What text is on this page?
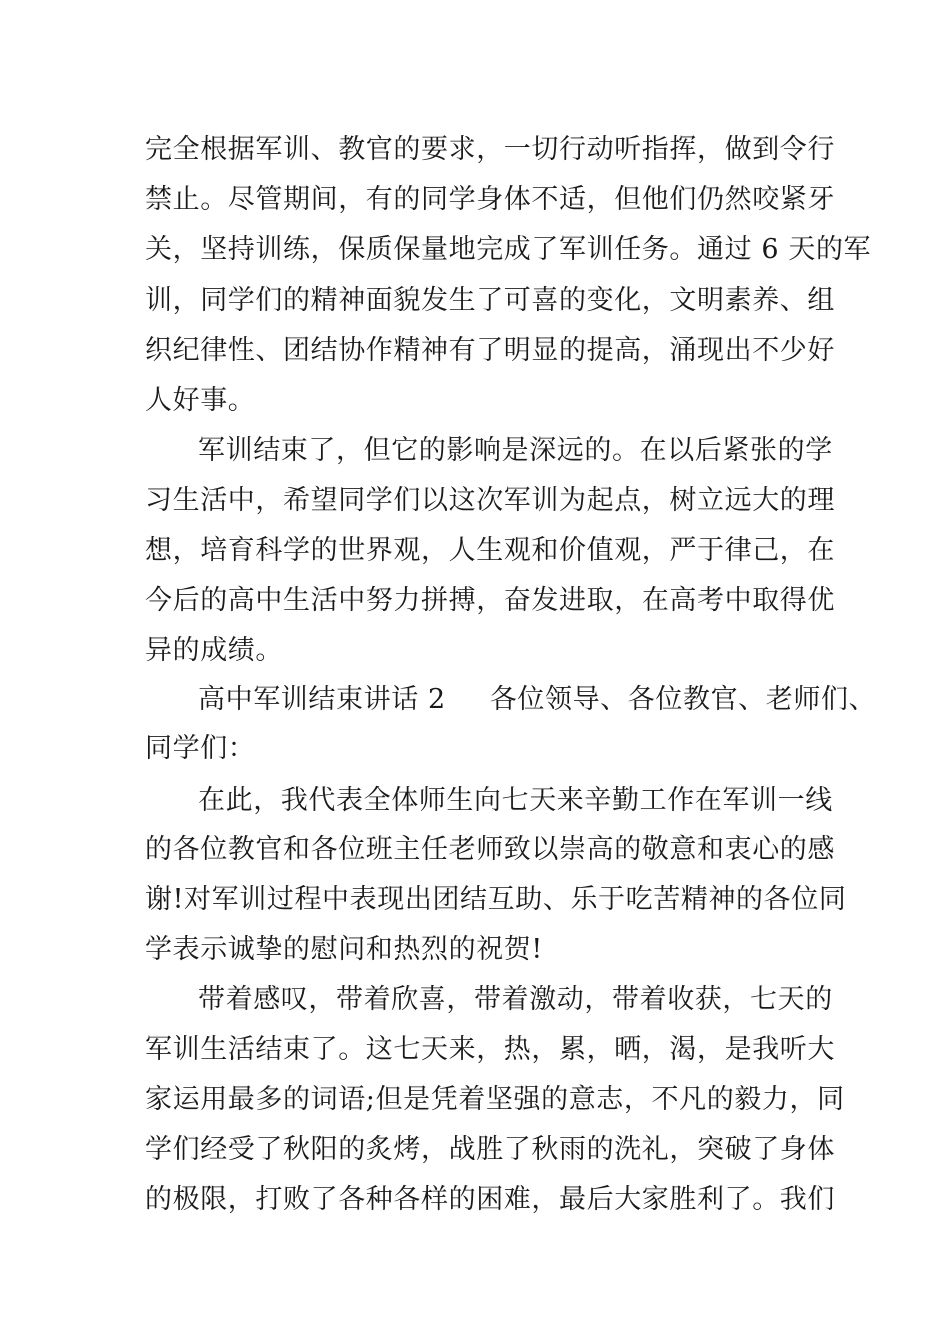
完全根据军训、教官的要求，一切行动听指挥，做到令行
禁止。尽管期间，有的同学身体不适，但他们仍然咬紧牙
关，坚持训练，保质保量地完成了军训任务。通过 6 天的军
训，同学们的精神面貌发生了可喜的变化，文明素养、组
织纪律性、团结协作精神有了明显的提高，涌现出不少好
人好事。
军训结束了，但它的影响是深远的。在以后紧张的学
习生活中，希望同学们以这次军训为起点，树立远大的理
想，培育科学的世界观，人生观和价值观，严于律己，在
今后的高中生活中努力拼搏，奋发进取，在高考中取得优
异的成绩。
高中军训结束讲话 2 各位领导、各位教官、老师们、
同学们：
在此，我代表全体师生向七天来辛勤工作在军训一线
的各位教官和各位班主任老师致以崇高的敬意和衷心的感
谢!对军训过程中表现出团结互助、乐于吃苦精神的各位同
学表示诚挚的慰问和热烈的祝贺!
带着感叹，带着欣喜，带着激动，带着收获，七天的
军训生活结束了。这七天来，热，累，晒，渴，是我听大
家运用最多的词语;但是凭着坚强的意志，不凡的毅力，同
学们经受了秋阳的炙烤，战胜了秋雨的洗礼，突破了身体
的极限，打败了各种各样的困难，最后大家胜利了。我们
